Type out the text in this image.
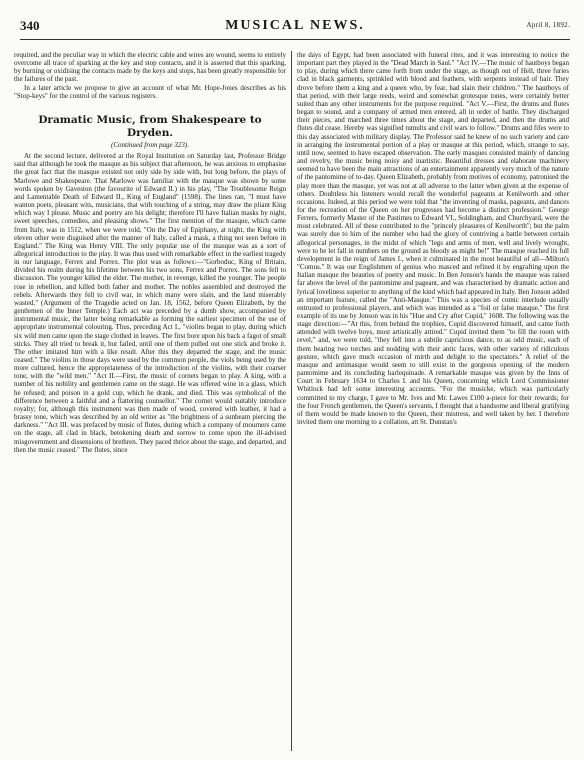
340	MUSICAL NEWS.	April 8, 1892.

required, and the peculiar way in which the electric cable and wires are wound, seems to entirely overcome all trace of sparking at the key and stop contacts, and it is asserted that this sparking, by burning or oxidising the contacts made by the keys and stops, has been greatly responsible for the failures of the past.

In a later article we propose to give an account of what Mr. Hope-Jones describes as his "Stop-keys" for the control of the various registers.

Dramatic Music, from Shakespeare to Dryden.
(Continued from page 323).

At the second lecture, delivered at the Royal Institution on Saturday last, Professor Bridge said that although he took the masque as his subject that afternoon, he was anxious to emphasise the great fact that the masque existed not only side by side with, but long before, the plays of Marlowe and Shakespeare. That Marlowe was familiar with the masque was shown by some words spoken by Gaveston (the favourite of Edward II.) in his play, "The Troublesome Reign and Lamentable Death of Edward II., King of England" (1598). The lines ran, "I must have wanton poets, pleasant wits, musicians, that with touching of a string, may draw the pliant King which way I please. Music and poetry are his delight; therefore I'll have Italian masks by night, sweet speeches, comedies, and pleasing shows." The first mention of the masque, which came from Italy, was in 1512, when we were told, "On the Day of Epiphany, at night, the King with eleven other were disguised after the manner of Italy, called a mask, a thing not seen before in England." The King was Henry VIII. The only popular use of the masque was as a sort of allegorical introduction to the play. It was thus used with remarkable effect in the earliest tragedy in our language, Ferrex and Porrex. The plot was as follows:—"Gorboduc, King of Britain, divided his realm during his lifetime between his two sons, Ferrex and Porrex. The sons fell to discussion. The younger killed the elder. The mother, in revenge, killed the younger. The people rose in rebellion, and killed both father and mother. The nobles assembled and destroyed the rebels. Afterwards they fell to civil war, in which many were slain, and the land miserably wasted." (Argument of the Tragedie acted on Jan. 18, 1562, before Queen Elizabeth, by the gentlemen of the Inner Temple.) Each act was preceded by a dumb show, accompanied by instrumental music, the latter being remarkable as forming the earliest specimen of the use of appropriate instrumental colouring. Thus, preceding Act I., "violins began to play, during which six wild men came upon the stage clothed in leaves. The first bore upon his back a fagot of small sticks. They all tried to break it, but failed, until one of them pulled out one stick and broke it. The other imitated him with a like result. After this they departed the stage, and the music ceased." The violins in those days were used by the common people, the viols being used by the more cultured, hence the appropriateness of the introduction of the violins, with their coarser tone, with the "wild men." "Act II.—First, the music of cornets began to play. A king, with a number of his nobility and gentlemen came on the stage. He was offered wine in a glass, which he refused; and poison in a gold cup, which he drank, and died. This was symbolical of the difference between a faithful and a flattering counsellor." The cornet would suitably introduce royalty; for, although this instrument was then made of wood, covered with leather, it had a brassy tone, which was described by an old writer as "the brightness of a sunbeam piercing the darkness." "Act III. was prefaced by music of flutes, during which a company of mourners came on the stage, all clad in black, betokening death and sorrow to come upon the ill-advised misgovernment and dissensions of brethren. They paced thrice about the stage, and departed, and then the music ceased." The flutes, since

the days of Egypt, had been associated with funeral rites, and it was interesting to notice the important part they played in the "Dead March in Saul." "Act IV.—The music of hautboys began to play, during which there came forth from under the stage, as though out of Hell, three furies clad in black garments, sprinkled with blood and feathers, with serpents instead of hair. They drove before them a king and a queen who, by fear, had slain their children." The hautboys of that period, with their large reeds, weird and somewhat grotesque tones, were certainly better suited than any other instruments for the purpose required. "Act V.—First, the drums and flutes began to sound, and a company of armed men entered, all in order of battle. They discharged their pieces, and marched three times about the stage, and departed, and then the drums and flutes did cease. Hereby was signified tumults and civil wars to follow." Drums and fifes were to this day associated with military display. The Professor said he knew of no such variety and care in arranging the instrumental portion of a play or masque at this period, which, strange to say, until now, seemed to have escaped observation. The early masques consisted mainly of dancing and revelry, the music being noisy and inartistic. Beautiful dresses and elaborate machinery seemed to have been the main attractions of an entertainment apparently very much of the nature of the pantomime of to-day. Queen Elizabeth, probably from motives of economy, patronised the play more than the masque, yet was not at all adverse to the latter when given at the expense of others. Doubtless his listeners would recall the wonderful pageants at Kenilworth and other occasions. Indeed, at this period we were told that "the inventing of masks, pageants, and dances for the recreation of the Queen on her progresses had become a distinct profession." George Ferrers, formerly Master of the Pastimes to Edward VI., Soldingham, and Churchyard, were the most celebrated. All of these contributed to the "princely pleasures of Kenilworth"; but the palm was surely due to him of the number who had the glory of contriving a battle between certain allegorical personages, in the midst of which "legs and arms of men, well and lively wrought, were to be let fall in numbers on the ground as bloody as might be!" The masque reached its full development in the reign of James I., when it culminated in the most beautiful of all—Milton's "Comus." It was our Englishmen of genius who masced and refined it by engrafting upon the Italian masque the beauties of poetry and music. In Ben Jonson's hands the masque was raised far above the level of the pantomime and pageant, and was characterised by dramatic action and lyrical loveliness superior to anything of the kind which had appeared in Italy. Ben Jonson added an important feature, called the "Anti-Masque." This was a species of comic interlude usually entrusted to professional players, and which was intended as a "foil or false masque." The first example of its use by Jonson was in his "Hue and Cry after Cupid," 1608. The following was the stage direction:—"At this, from behind the trophies, Cupid discovered himself, and came forth attended with twelve boys, most artistically attired." Cupid invited them "to fill the room with revel," and, we were told, "they fell into a subtile capricious dance, to as odd music, each of them bearing two torches and nodding with their antic faces, with other variety of ridiculous gesture, which gave much occasion of mirth and delight to the spectators." A relief of the masque and antimasque would seem to still exist in the gorgeous opening of the modern pantomime and its concluding harlequinade. A remarkable masque was given by the Inns of Court in February 1634 to Charles I. and his Queen, concerning which Lord Commissioner Whitlock had left some interesting accounts. "For the musicke, which was particularly committed to my charge, I gave to Mr. Ives and Mr. Lawes £100 a-piece for their rewards; for the four French gentlemen, the Queen's servants, I thought that a handsome and liberal gratifying of them would be made known to the Queen, their mistress, and well taken by her. I therefore invited them one morning to a collation, att St. Dunstan's
